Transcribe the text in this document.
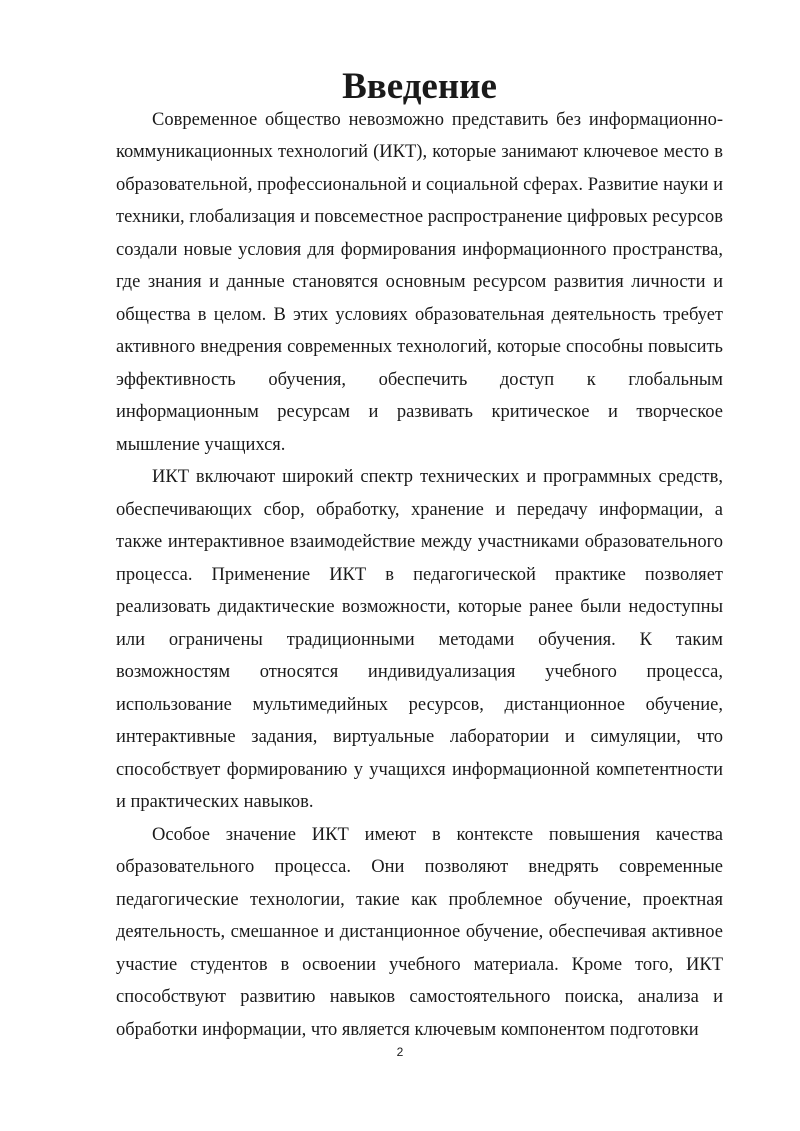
Введение

Современное общество невозможно представить без информационно-коммуникационных технологий (ИКТ), которые занимают ключевое место в образовательной, профессиональной и социальной сферах. Развитие науки и техники, глобализация и повсеместное распространение цифровых ресурсов создали новые условия для формирования информационного пространства, где знания и данные становятся основным ресурсом развития личности и общества в целом. В этих условиях образовательная деятельность требует активного внедрения современных технологий, которые способны повысить эффективность обучения, обеспечить доступ к глобальным информационным ресурсам и развивать критическое и творческое мышление учащихся.

ИКТ включают широкий спектр технических и программных средств, обеспечивающих сбор, обработку, хранение и передачу информации, а также интерактивное взаимодействие между участниками образовательного процесса. Применение ИКТ в педагогической практике позволяет реализовать дидактические возможности, которые ранее были недоступны или ограничены традиционными методами обучения. К таким возможностям относятся индивидуализация учебного процесса, использование мультимедийных ресурсов, дистанционное обучение, интерактивные задания, виртуальные лаборатории и симуляции, что способствует формированию у учащихся информационной компетентности и практических навыков.

Особое значение ИКТ имеют в контексте повышения качества образовательного процесса. Они позволяют внедрять современные педагогические технологии, такие как проблемное обучение, проектная деятельность, смешанное и дистанционное обучение, обеспечивая активное участие студентов в освоении учебного материала. Кроме того, ИКТ способствуют развитию навыков самостоятельного поиска, анализа и обработки информации, что является ключевым компонентом подготовки

2
